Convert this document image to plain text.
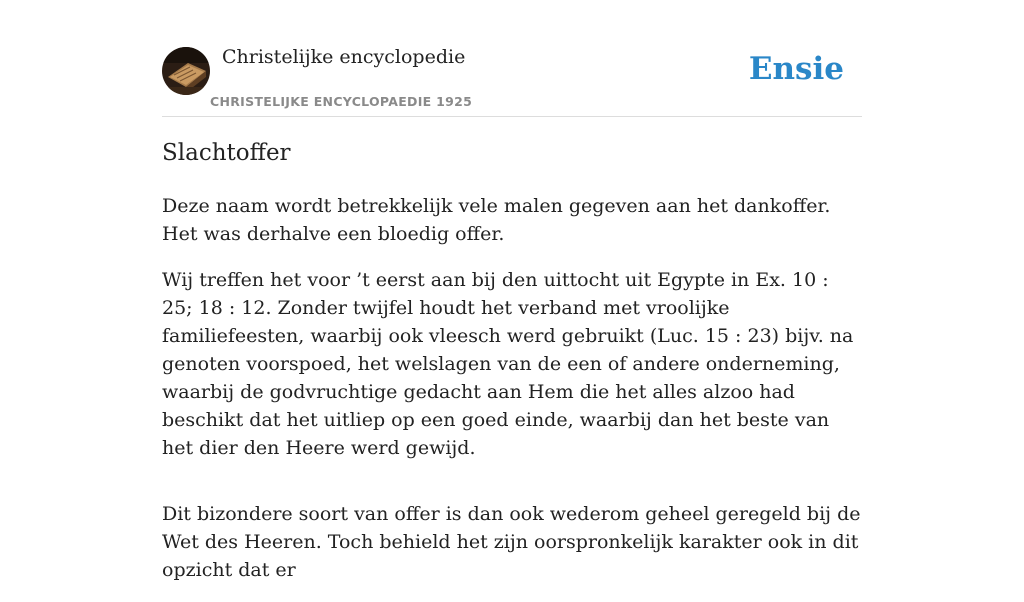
Christelijke encyclopedie
CHRISTELIJKE ENCYCLOPAEDIE 1925
Ensie
Slachtoffer

Deze naam wordt betrekkelijk vele malen gegeven aan het dankoffer. Het was derhalve een bloedig offer.

Wij treffen het voor ’t eerst aan bij den uittocht uit Egypte in Ex. 10 : 25; 18 : 12. Zonder twijfel houdt het verband met vroolijke familiefeesten, waarbij ook vleesch werd gebruikt (Luc. 15 : 23) bijv. na genoten voorspoed, het welslagen van de een of andere onderneming, waarbij de godvruchtige gedacht aan Hem die het alles alzoo had beschikt dat het uitliep op een goed einde, waarbij dan het beste van het dier den Heere werd gewijd.

Dit bizondere soort van offer is dan ook wederom geheel geregeld bij de Wet des Heeren. Toch behield het zijn oorspronkelijk karakter ook in dit opzicht dat er
